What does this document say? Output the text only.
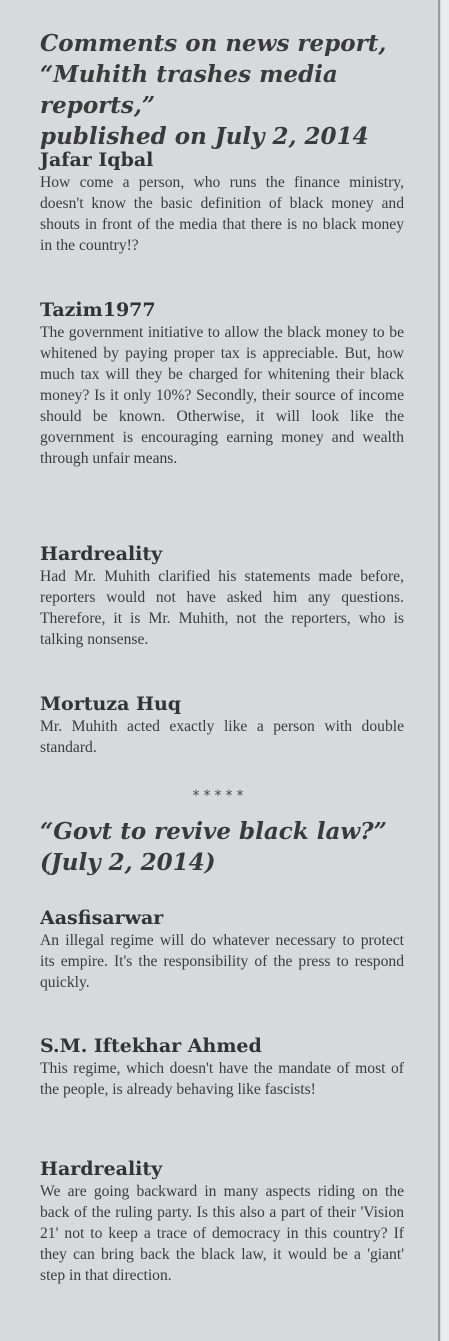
Comments on news report,
“Muhith trashes media reports,”
published on July 2, 2014

Jafar Iqbal

How come a person, who runs the finance ministry, doesn't know the basic definition of black money and shouts in front of the media that there is no black money in the country!?

Tazim1977

The government initiative to allow the black money to be whitened by paying proper tax is appreciable. But, how much tax will they be charged for whitening their black money? Is it only 10%? Secondly, their source of income should be known. Otherwise, it will look like the government is encouraging earning money and wealth through unfair means.

Hardreality

Had Mr. Muhith clarified his statements made before, reporters would not have asked him any questions. Therefore, it is Mr. Muhith, not the reporters, who is talking nonsense.

Mortuza Huq

Mr. Muhith acted exactly like a person with double standard.

*****
“Govt to revive black law?”
(July 2, 2014)

Aasfisarwar

An illegal regime will do whatever necessary to protect its empire. It's the responsibility of the press to respond quickly.

S.M. Iftekhar Ahmed

This regime, which doesn't have the mandate of most of the people, is already behaving like fascists!

Hardreality

We are going backward in many aspects riding on the back of the ruling party. Is this also a part of their 'Vision 21' not to keep a trace of democracy in this country? If they can bring back the black law, it would be a 'giant' step in that direction.
